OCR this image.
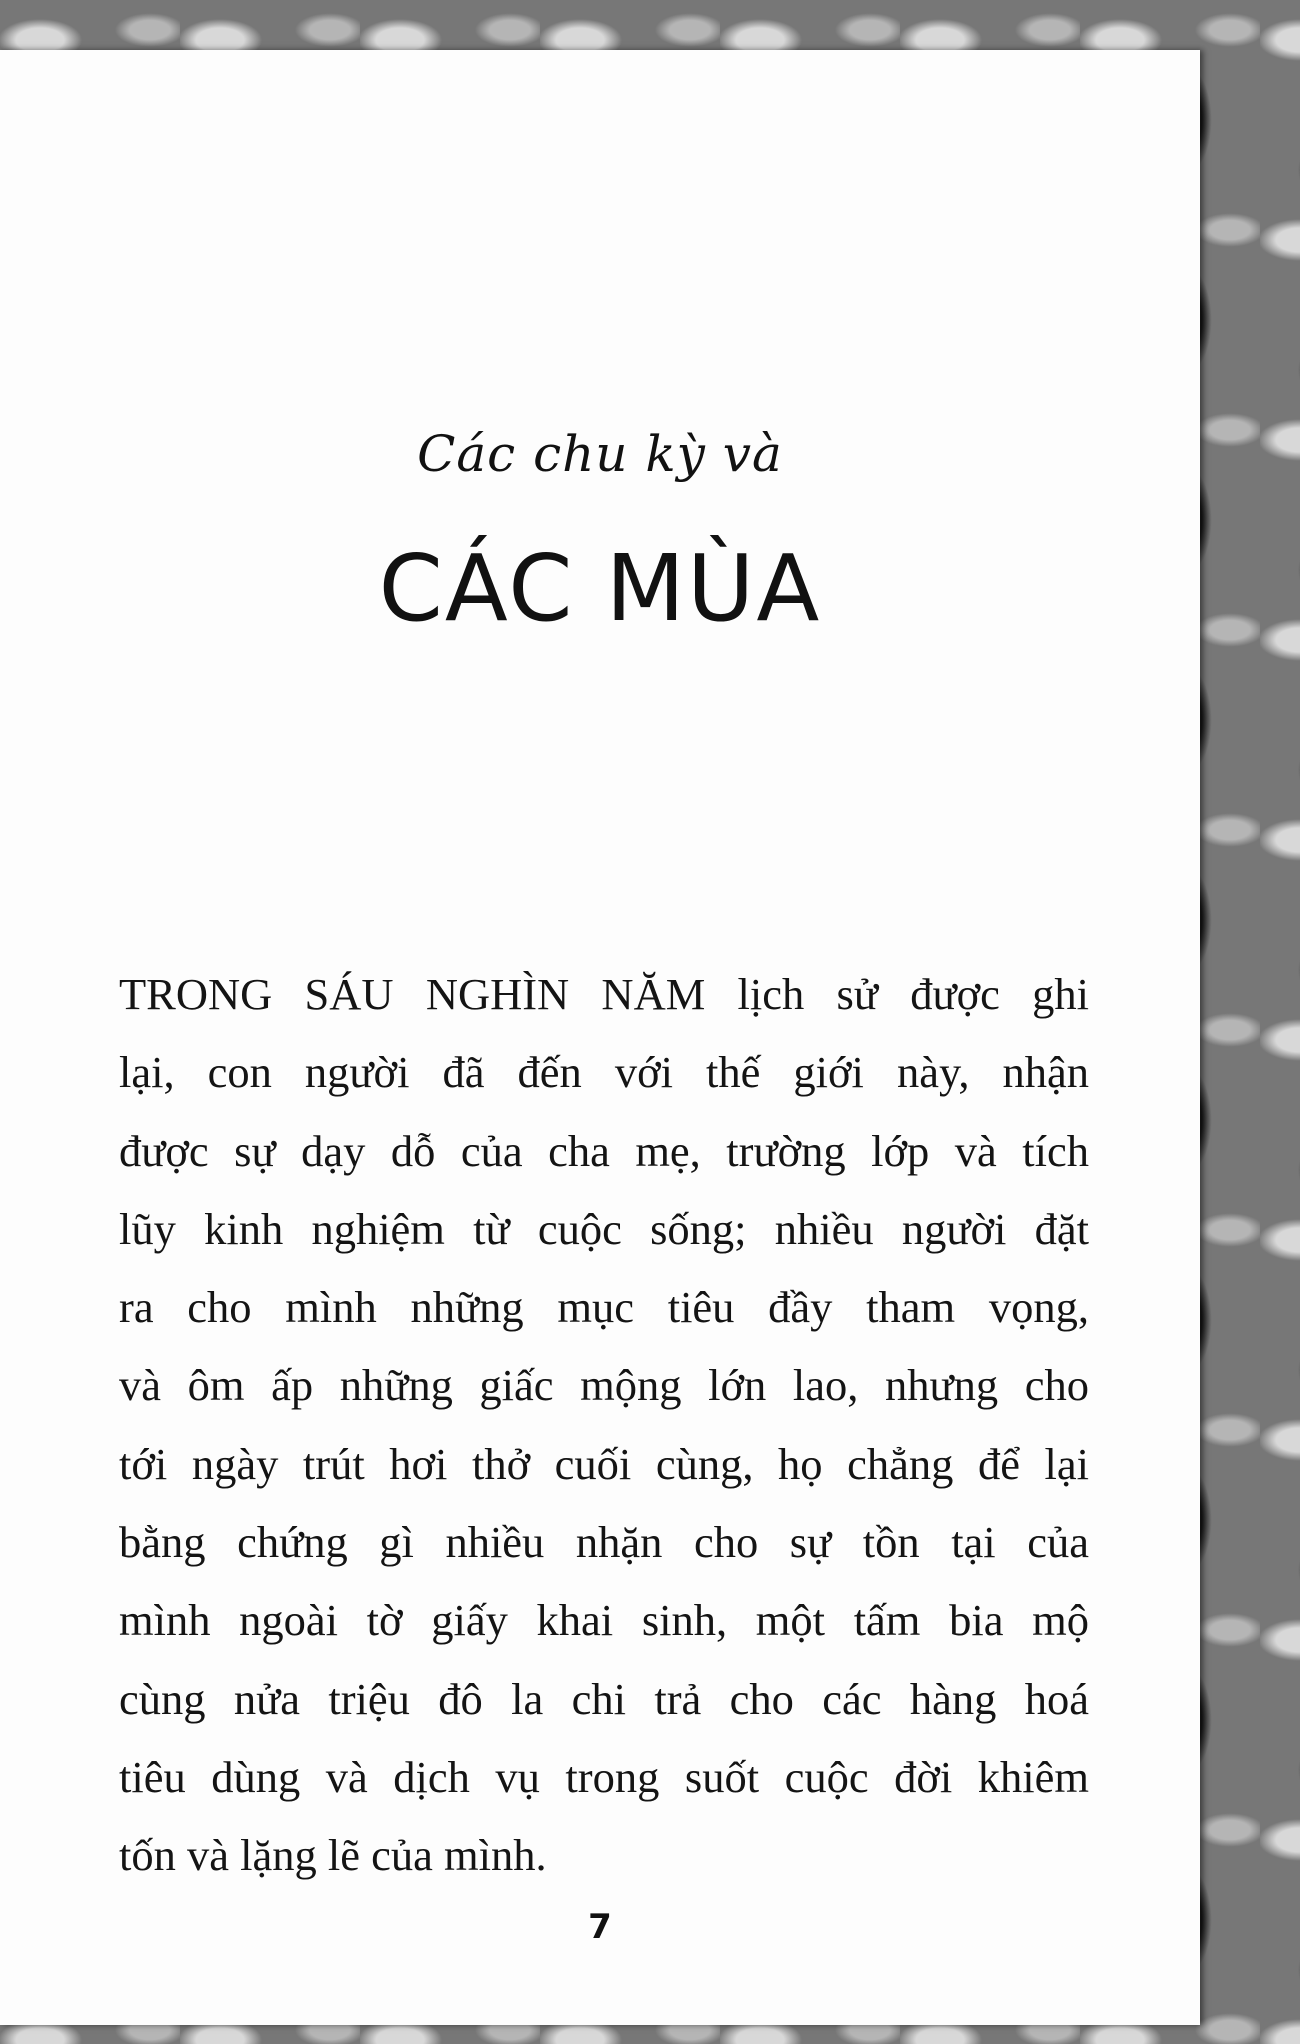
Các chu kỳ và
CÁC MÙA

TRONG SÁU NGHÌN NĂM lịch sử được ghi
lại, con người đã đến với thế giới này, nhận
được sự dạy dỗ của cha mẹ, trường lớp và tích
lũy kinh nghiệm từ cuộc sống; nhiều người đặt
ra cho mình những mục tiêu đầy tham vọng,
và ôm ấp những giấc mộng lớn lao, nhưng cho
tới ngày trút hơi thở cuối cùng, họ chẳng để lại
bằng chứng gì nhiều nhặn cho sự tồn tại của
mình ngoài tờ giấy khai sinh, một tấm bia mộ
cùng nửa triệu đô la chi trả cho các hàng hoá
tiêu dùng và dịch vụ trong suốt cuộc đời khiêm
tốn và lặng lẽ của mình.

7
